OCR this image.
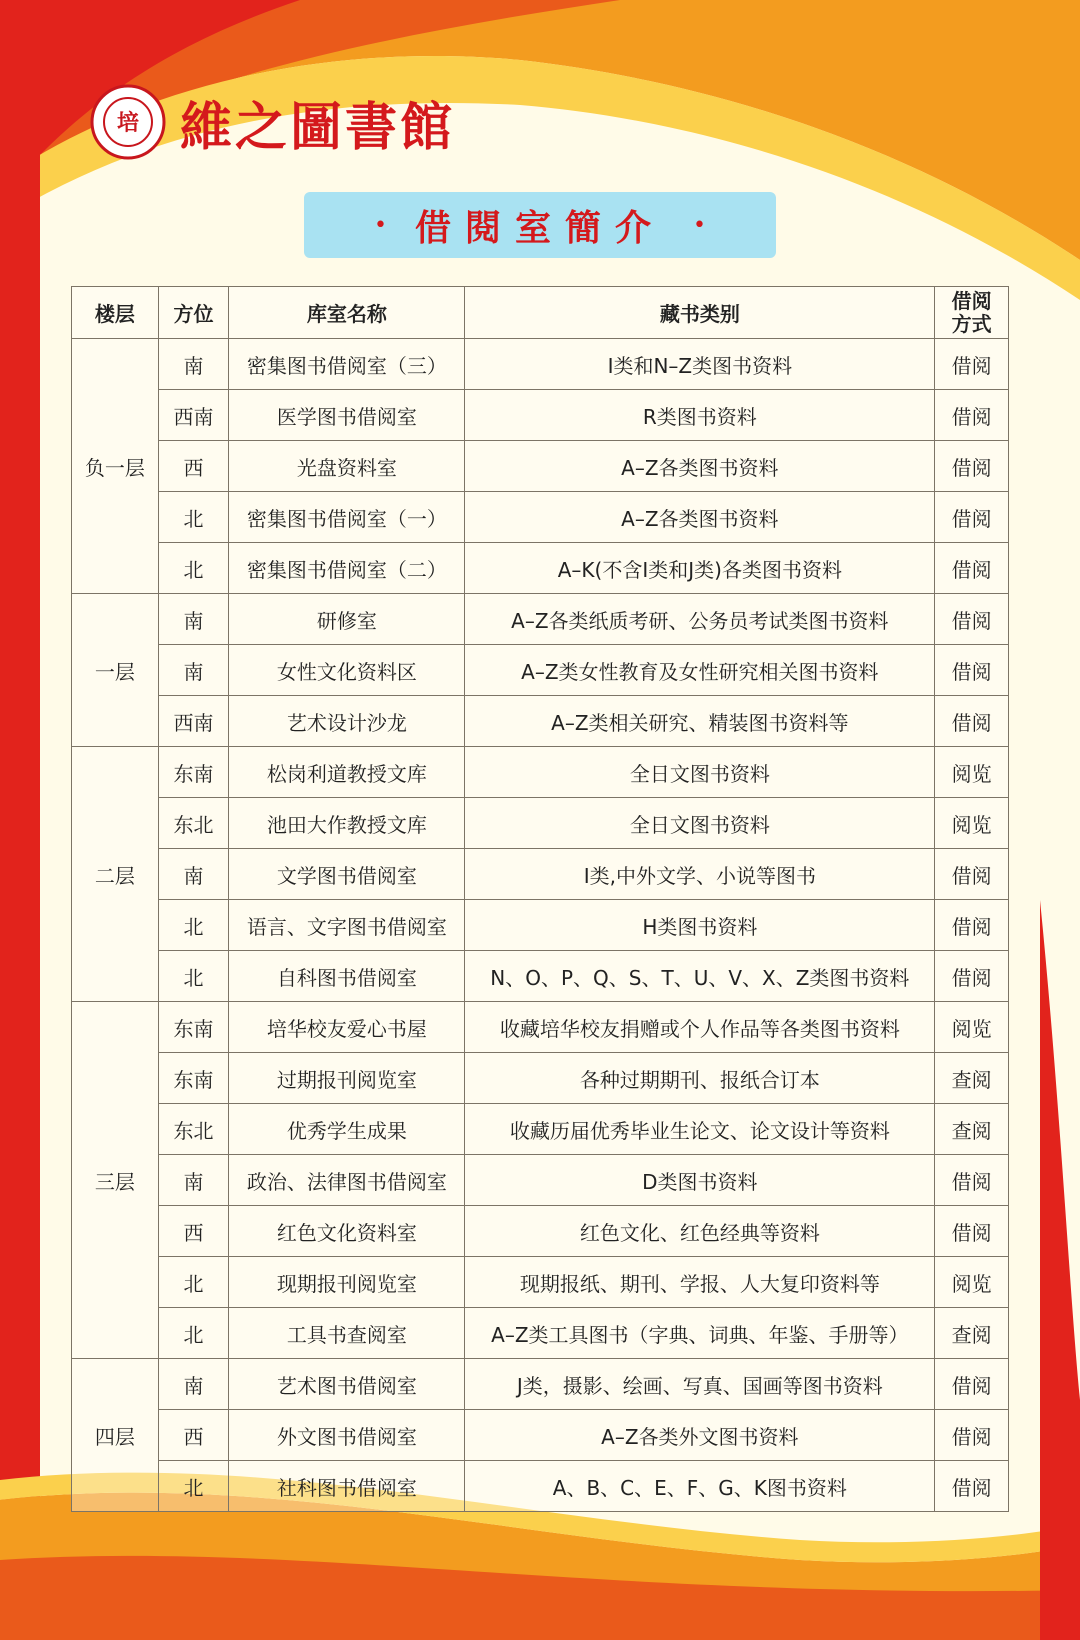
培 維之圖書館
• 借閱室簡介 •
楼层	方位	库室名称	藏书类别	借阅
方式
负一层	南	密集图书借阅室（三）	I类和N–Z类图书资料	借阅
	西南	医学图书借阅室	R类图书资料	借阅
	西	光盘资料室	A–Z各类图书资料	借阅
	北	密集图书借阅室（一）	A–Z各类图书资料	借阅
	北	密集图书借阅室（二）	A–K(不含I类和J类)各类图书资料	借阅
一层	南	研修室	A–Z各类纸质考研、公务员考试类图书资料	借阅
	南	女性文化资料区	A–Z类女性教育及女性研究相关图书资料	借阅
	西南	艺术设计沙龙	A–Z类相关研究、精装图书资料等	借阅
二层	东南	松岗利道教授文库	全日文图书资料	阅览
	东北	池田大作教授文库	全日文图书资料	阅览
	南	文学图书借阅室	I类,中外文学、小说等图书	借阅
	北	语言、文字图书借阅室	H类图书资料	借阅
	北	自科图书借阅室	N、O、P、Q、S、T、U、V、X、Z类图书资料	借阅
三层	东南	培华校友爱心书屋	收藏培华校友捐赠或个人作品等各类图书资料	阅览
	东南	过期报刊阅览室	各种过期期刊、报纸合订本	查阅
	东北	优秀学生成果	收藏历届优秀毕业生论文、论文设计等资料	查阅
	南	政治、法律图书借阅室	D类图书资料	借阅
	西	红色文化资料室	红色文化、红色经典等资料	借阅
	北	现期报刊阅览室	现期报纸、期刊、学报、人大复印资料等	阅览
	北	工具书查阅室	A–Z类工具图书（字典、词典、年鉴、手册等）	查阅
四层	南	艺术图书借阅室	J类，摄影、绘画、写真、国画等图书资料	借阅
	西	外文图书借阅室	A–Z各类外文图书资料	借阅
	北	社科图书借阅室	A、B、C、E、F、G、K图书资料	借阅
